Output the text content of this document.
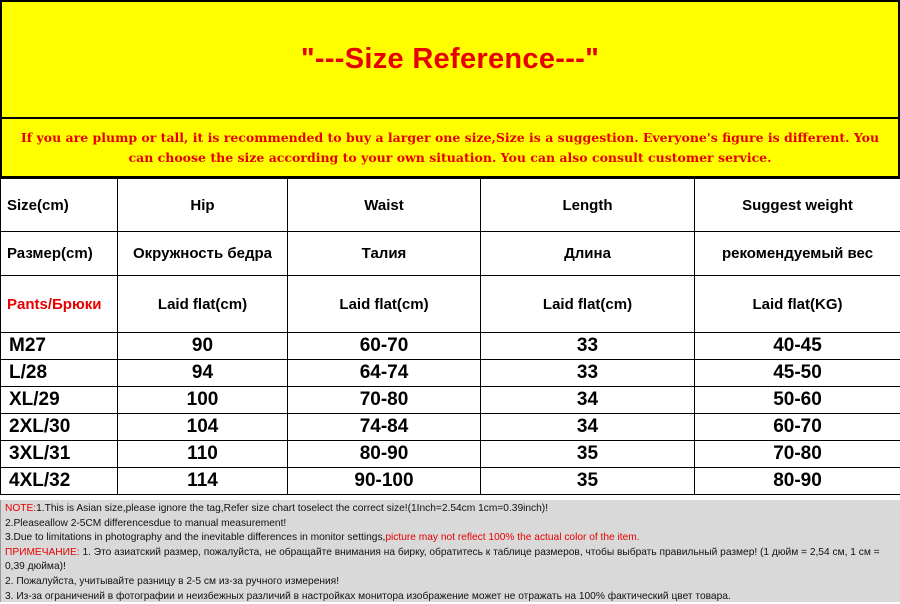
"---Size Reference---"
If you are plump or tall, it is recommended to buy a larger one size,Size is a suggestion. Everyone's figure is different. You can choose the size according to your own situation. You can also consult customer service.
Size(cm)	Hip	Waist	Length	Suggest weight
Размер(cm)	Окружность бедра	Талия	Длина	рекомендуемый вес
Pants/Брюки	Laid flat(cm)	Laid flat(cm)	Laid flat(cm)	Laid flat(KG)
M27	90	60-70	33	40-45
L/28	94	64-74	33	45-50
XL/29	100	70-80	34	50-60
2XL/30	104	74-84	34	60-70
3XL/31	110	80-90	35	70-80
4XL/32	114	90-100	35	80-90

NOTE:1.This is Asian size,please ignore the tag,Refer size chart toselect the correct size!(1Inch=2.54cm 1cm=0.39inch)!

2.Pleaseallow 2-5CM differencesdue to manual measurement!

3.Due to limitations in photography and the inevitable differences in monitor settings,picture may not reflect 100% the actual color of the item.

ПРИМЕЧАНИЕ: 1. Это азиатский размер, пожалуйста, не обращайте внимания на бирку, обратитесь к таблице размеров, чтобы выбрать правильный размер! (1 дюйм = 2,54 см, 1 см = 0,39 дюйма)!

2. Пожалуйста, учитывайте разницу в 2-5 см из-за ручного измерения!

3. Из-за ограничений в фотографии и неизбежных различий в настройках монитора изображение может не отражать на 100% фактический цвет товара.
